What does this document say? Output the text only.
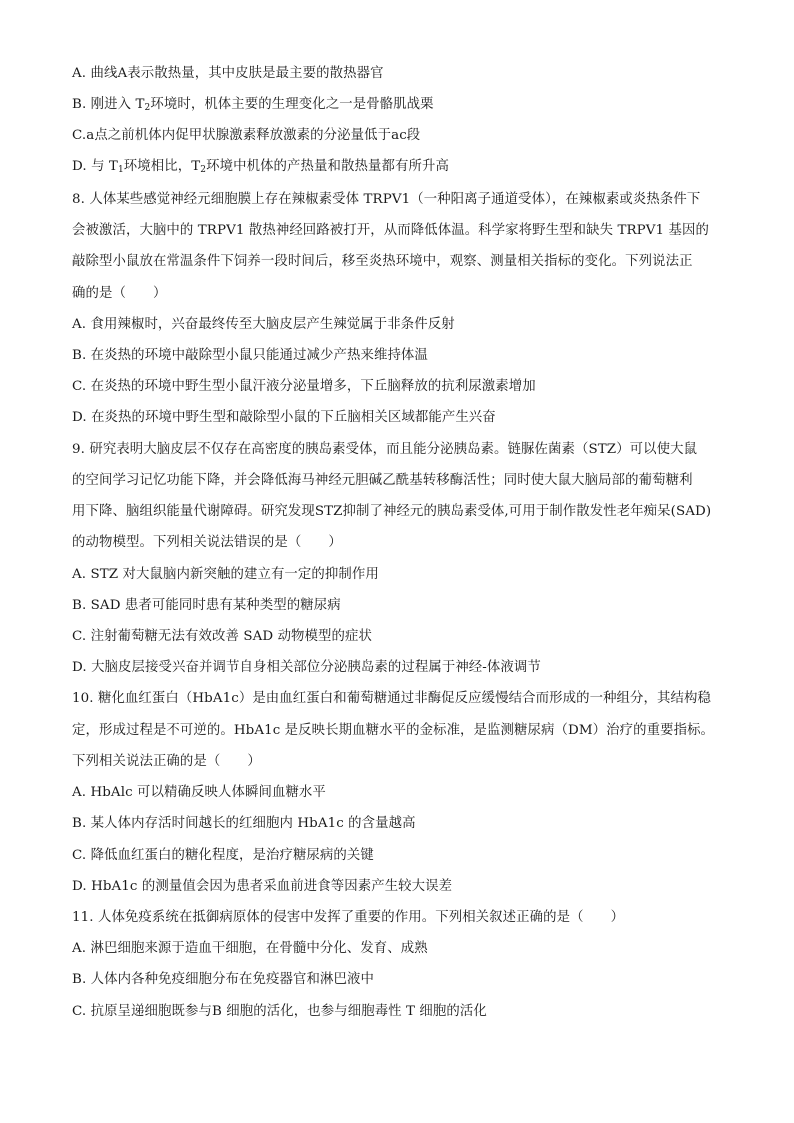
A. 曲线A表示散热量，其中皮肤是最主要的散热器官
B. 刚进入 $T_2$环境时，机体主要的生理变化之一是骨骼肌战栗
C.a点之前机体内促甲状腺激素释放激素的分泌量低于ac段
D. 与 $T_1$环境相比，$T_2$环境中机体的产热量和散热量都有所升高
8. 人体某些感觉神经元细胞膜上存在辣椒素受体 TRPV1（一种阳离子通道受体），在辣椒素或炎热条件下
会被激活，大脑中的 TRPV1 散热神经回路被打开，从而降低体温。科学家将野生型和缺失 TRPV1 基因的
敲除型小鼠放在常温条件下饲养一段时间后，移至炎热环境中，观察、测量相关指标的变化。下列说法正
确的是（　　）
A. 食用辣椒时，兴奋最终传至大脑皮层产生辣觉属于非条件反射
B. 在炎热的环境中敲除型小鼠只能通过减少产热来维持体温
C. 在炎热的环境中野生型小鼠汗液分泌量增多，下丘脑释放的抗利尿激素增加
D. 在炎热的环境中野生型和敲除型小鼠的下丘脑相关区域都能产生兴奋
9. 研究表明大脑皮层不仅存在高密度的胰岛素受体，而且能分泌胰岛素。链脲佐菌素（STZ）可以使大鼠
的空间学习记忆功能下降，并会降低海马神经元胆碱乙酰基转移酶活性；同时使大鼠大脑局部的葡萄糖利
用下降、脑组织能量代谢障碍。研究发现STZ抑制了神经元的胰岛素受体,可用于制作散发性老年痴呆(SAD)
的动物模型。下列相关说法错误的是（　　）
A. STZ 对大鼠脑内新突触的建立有一定的抑制作用
B. SAD 患者可能同时患有某种类型的糖尿病
C. 注射葡萄糖无法有效改善 SAD 动物模型的症状
D. 大脑皮层接受兴奋并调节自身相关部位分泌胰岛素的过程属于神经-体液调节
10. 糖化血红蛋白（HbA1c）是由血红蛋白和葡萄糖通过非酶促反应缓慢结合而形成的一种组分，其结构稳
定，形成过程是不可逆的。HbA1c 是反映长期血糖水平的金标准，是监测糖尿病（DM）治疗的重要指标。
下列相关说法正确的是（　　）
A. HbAlc 可以精确反映人体瞬间血糖水平
B. 某人体内存活时间越长的红细胞内 HbA1c 的含量越高
C. 降低血红蛋白的糖化程度，是治疗糖尿病的关键
D. HbA1c 的测量值会因为患者采血前进食等因素产生较大误差
11. 人体免疫系统在抵御病原体的侵害中发挥了重要的作用。下列相关叙述正确的是（　　）
A. 淋巴细胞来源于造血干细胞，在骨髓中分化、发育、成熟
B. 人体内各种免疫细胞分布在免疫器官和淋巴液中
C. 抗原呈递细胞既参与B 细胞的活化，也参与细胞毒性 T 细胞的活化
